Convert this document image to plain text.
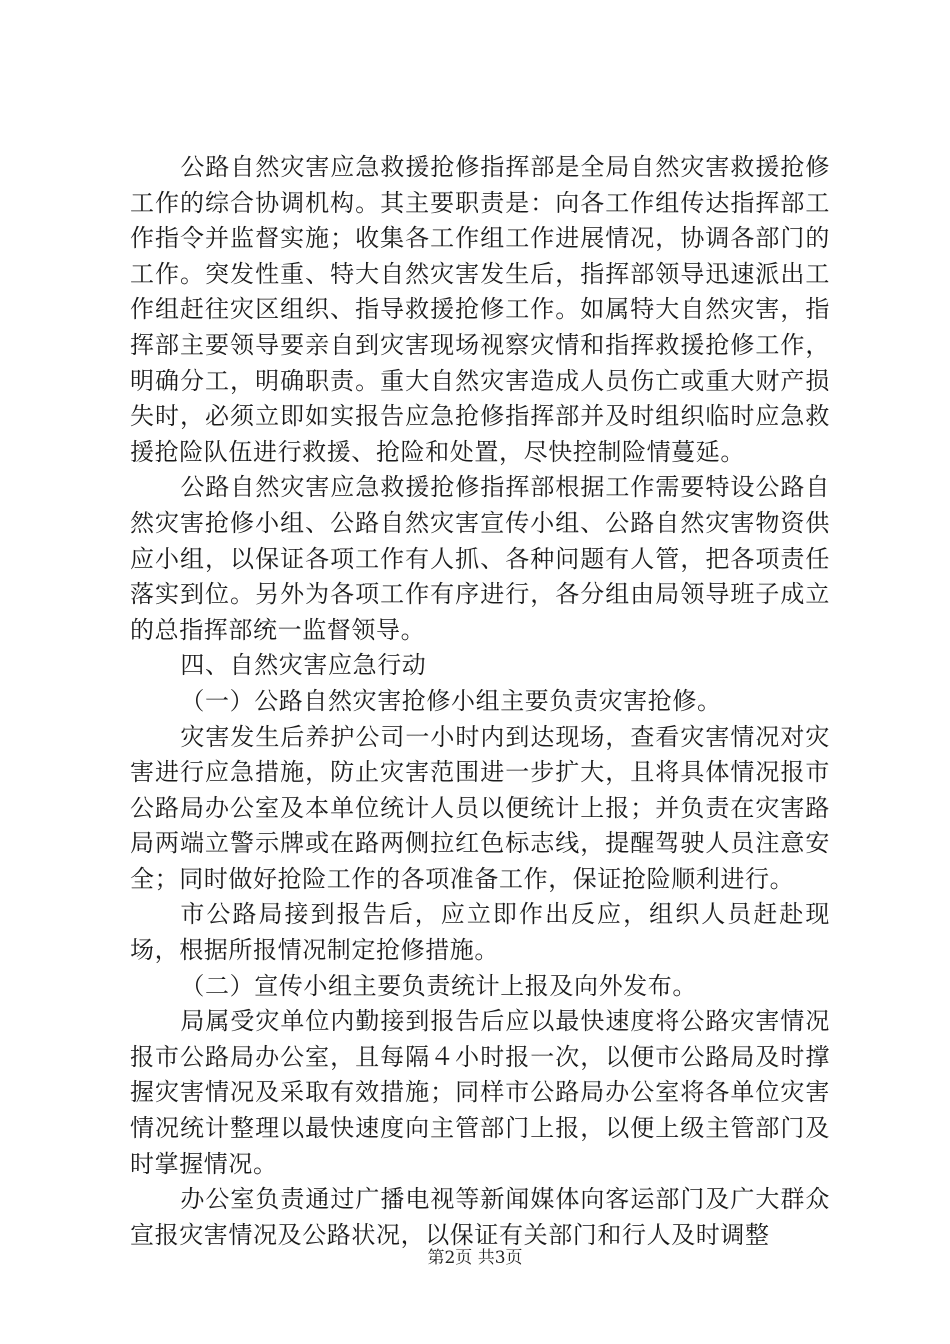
公路自然灾害应急救援抢修指挥部是全局自然灾害救援抢修工作的综合协调机构。其主要职责是：向各工作组传达指挥部工作指令并监督实施；收集各工作组工作进展情况，协调各部门的工作。突发性重、特大自然灾害发生后，指挥部领导迅速派出工作组赶往灾区组织、指导救援抢修工作。如属特大自然灾害，指挥部主要领导要亲自到灾害现场视察灾情和指挥救援抢修工作，明确分工，明确职责。重大自然灾害造成人员伤亡或重大财产损失时，必须立即如实报告应急抢修指挥部并及时组织临时应急救援抢险队伍进行救援、抢险和处置，尽快控制险情蔓延。

公路自然灾害应急救援抢修指挥部根据工作需要特设公路自然灾害抢修小组、公路自然灾害宣传小组、公路自然灾害物资供应小组，以保证各项工作有人抓、各种问题有人管，把各项责任落实到位。另外为各项工作有序进行，各分组由局领导班子成立的总指挥部统一监督领导。

四、自然灾害应急行动

（一）公路自然灾害抢修小组主要负责灾害抢修。

灾害发生后养护公司一小时内到达现场，查看灾害情况对灾害进行应急措施，防止灾害范围进一步扩大，且将具体情况报市公路局办公室及本单位统计人员以便统计上报；并负责在灾害路局两端立警示牌或在路两侧拉红色标志线，提醒驾驶人员注意安全；同时做好抢险工作的各项准备工作，保证抢险顺利进行。

市公路局接到报告后，应立即作出反应，组织人员赶赴现场，根据所报情况制定抢修措施。

（二）宣传小组主要负责统计上报及向外发布。

局属受灾单位内勤接到报告后应以最快速度将公路灾害情况报市公路局办公室，且每隔４小时报一次，以便市公路局及时撑握灾害情况及采取有效措施；同样市公路局办公室将各单位灾害情况统计整理以最快速度向主管部门上报，以便上级主管部门及时掌握情况。

办公室负责通过广播电视等新闻媒体向客运部门及广大群众宣报灾害情况及公路状况，以保证有关部门和行人及时调整

第2页 共3页
